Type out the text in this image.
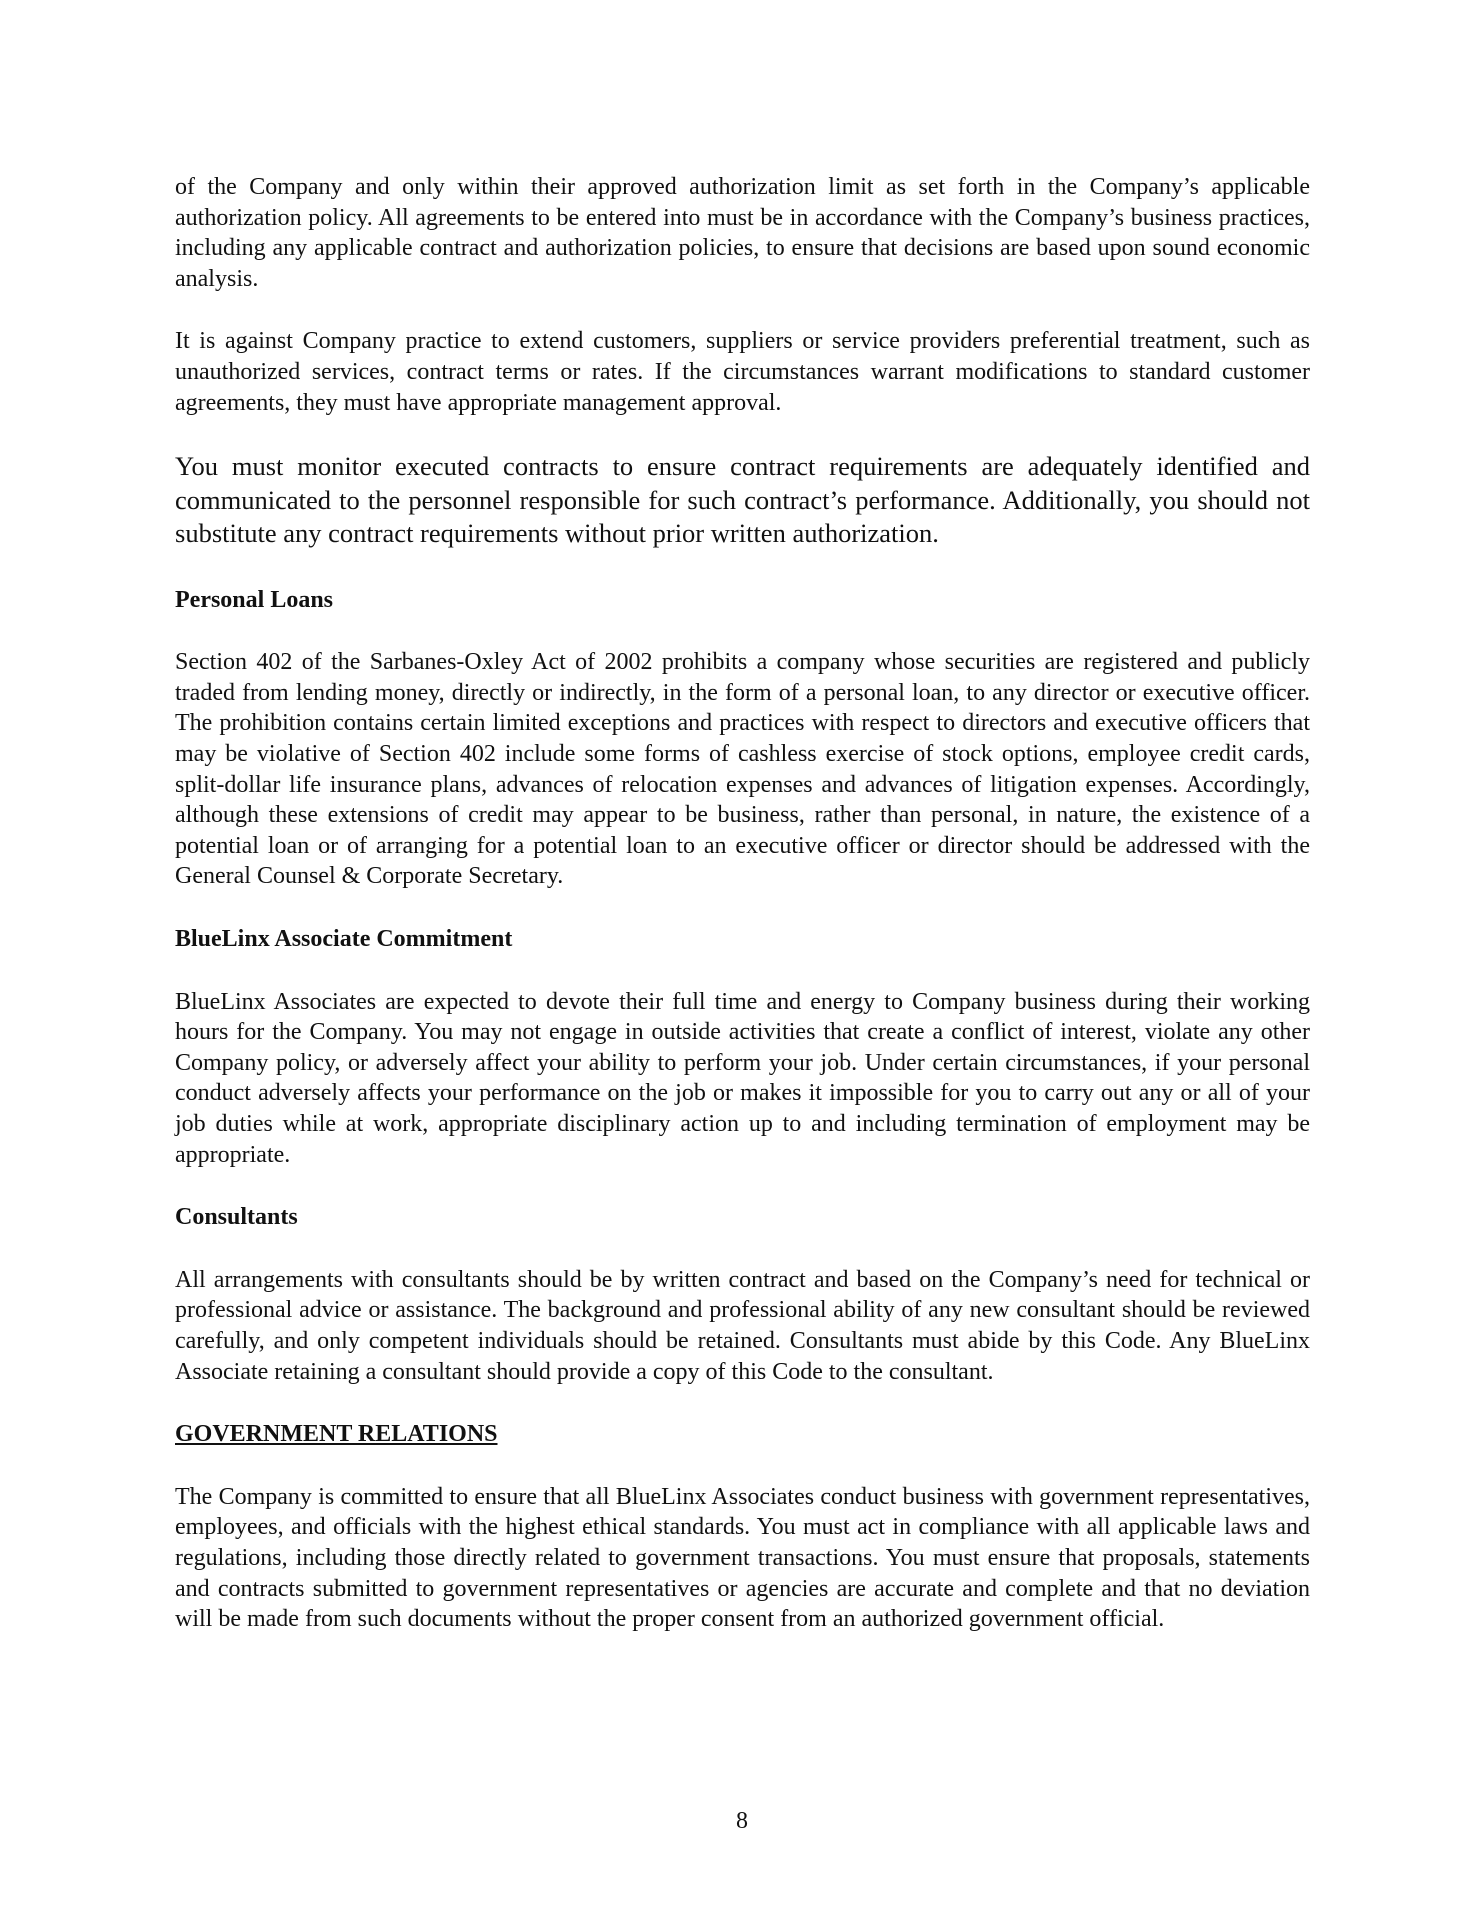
of the Company and only within their approved authorization limit as set forth in the Company’s applicable authorization policy. All agreements to be entered into must be in accordance with the Company’s business practices, including any applicable contract and authorization policies, to ensure that decisions are based upon sound economic analysis.

It is against Company practice to extend customers, suppliers or service providers preferential treatment, such as unauthorized services, contract terms or rates. If the circumstances warrant modifications to standard customer agreements, they must have appropriate management approval.

You must monitor executed contracts to ensure contract requirements are adequately identified and communicated to the personnel responsible for such contract’s performance. Additionally, you should not substitute any contract requirements without prior written authorization.

Personal Loans

Section 402 of the Sarbanes-Oxley Act of 2002 prohibits a company whose securities are registered and publicly traded from lending money, directly or indirectly, in the form of a personal loan, to any director or executive officer. The prohibition contains certain limited exceptions and practices with respect to directors and executive officers that may be violative of Section 402 include some forms of cashless exercise of stock options, employee credit cards, split-dollar life insurance plans, advances of relocation expenses and advances of litigation expenses. Accordingly, although these extensions of credit may appear to be business, rather than personal, in nature, the existence of a potential loan or of arranging for a potential loan to an executive officer or director should be addressed with the General Counsel & Corporate Secretary.

BlueLinx Associate Commitment

BlueLinx Associates are expected to devote their full time and energy to Company business during their working hours for the Company. You may not engage in outside activities that create a conflict of interest, violate any other Company policy, or adversely affect your ability to perform your job. Under certain circumstances, if your personal conduct adversely affects your performance on the job or makes it impossible for you to carry out any or all of your job duties while at work, appropriate disciplinary action up to and including termination of employment may be appropriate.

Consultants

All arrangements with consultants should be by written contract and based on the Company’s need for technical or professional advice or assistance. The background and professional ability of any new consultant should be reviewed carefully, and only competent individuals should be retained. Consultants must abide by this Code. Any BlueLinx Associate retaining a consultant should provide a copy of this Code to the consultant.

GOVERNMENT RELATIONS

The Company is committed to ensure that all BlueLinx Associates conduct business with government representatives, employees, and officials with the highest ethical standards. You must act in compliance with all applicable laws and regulations, including those directly related to government transactions. You must ensure that proposals, statements and contracts submitted to government representatives or agencies are accurate and complete and that no deviation will be made from such documents without the proper consent from an authorized government official.

8
